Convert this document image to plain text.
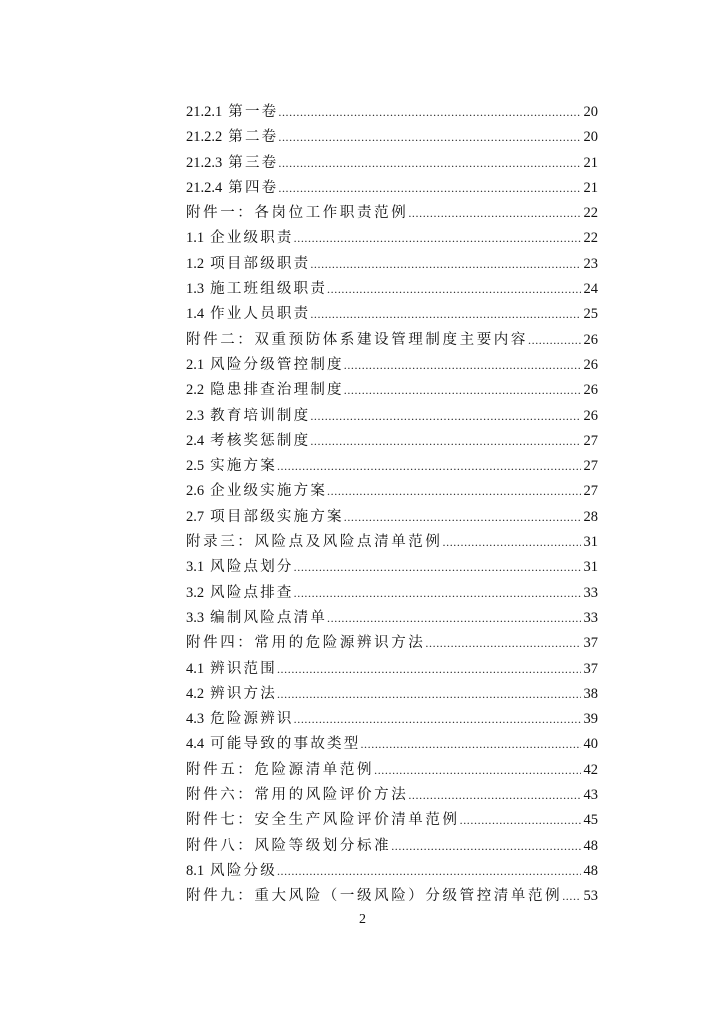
21.2.1 第一卷 .....	20
21.2.2 第二卷 .....	20
21.2.3 第三卷 .....	21
21.2.4 第四卷 .....	21
附件一：各岗位工作职责范例 .....	22
1.1 企业级职责 .....	22
1.2 项目部级职责 .....	23
1.3 施工班组级职责 .....	24
1.4 作业人员职责 .....	25
附件二：双重预防体系建设管理制度主要内容 .....	26
2.1 风险分级管控制度 .....	26
2.2 隐患排查治理制度 .....	26
2.3 教育培训制度 .....	26
2.4 考核奖惩制度 .....	27
2.5 实施方案 .....	27
2.6 企业级实施方案 .....	27
2.7 项目部级实施方案 .....	28
附录三：风险点及风险点清单范例 .....	31
3.1 风险点划分 .....	31
3.2 风险点排查 .....	33
3.3 编制风险点清单 .....	33
附件四：常用的危险源辨识方法 .....	37
4.1 辨识范围 .....	37
4.2 辨识方法 .....	38
4.3 危险源辨识 .....	39
4.4 可能导致的事故类型 .....	40
附件五：危险源清单范例 .....	42
附件六：常用的风险评价方法 .....	43
附件七：安全生产风险评价清单范例 .....	45
附件八：风险等级划分标准 .....	48
8.1 风险分级 .....	48
附件九：重大风险（一级风险）分级管控清单范例 ..... 53
2
